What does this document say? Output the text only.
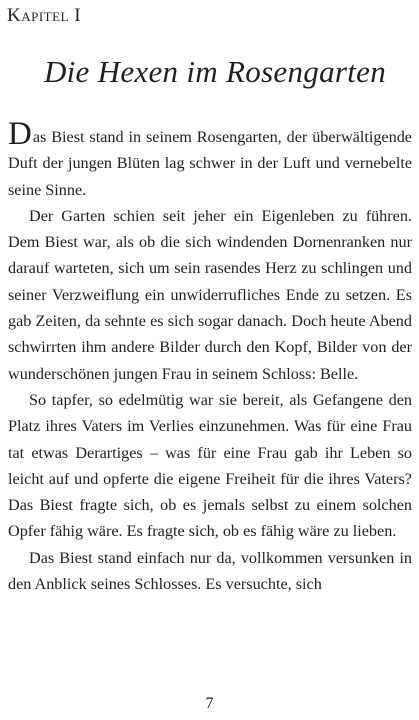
Kapitel I
Die Hexen im Rosengarten

Das Biest stand in seinem Rosengarten, der überwältigende Duft der jungen Blüten lag schwer in der Luft und vernebelte seine Sinne.

Der Garten schien seit jeher ein Eigenleben zu führen. Dem Biest war, als ob die sich windenden Dornenranken nur darauf warteten, sich um sein rasendes Herz zu schlingen und seiner Verzweiflung ein unwiderrufliches Ende zu setzen. Es gab Zeiten, da sehnte es sich sogar danach. Doch heute Abend schwirrten ihm andere Bilder durch den Kopf, Bilder von der wunderschönen jungen Frau in seinem Schloss: Belle.

So tapfer, so edelmütig war sie bereit, als Gefangene den Platz ihres Vaters im Verlies einzunehmen. Was für eine Frau tat etwas Derartiges – was für eine Frau gab ihr Leben so leicht auf und opferte die eigene Freiheit für die ihres Vaters? Das Biest fragte sich, ob es jemals selbst zu einem solchen Opfer fähig wäre. Es fragte sich, ob es fähig wäre zu lieben.

Das Biest stand einfach nur da, vollkommen versunken in den Anblick seines Schlosses. Es versuchte, sich

7
